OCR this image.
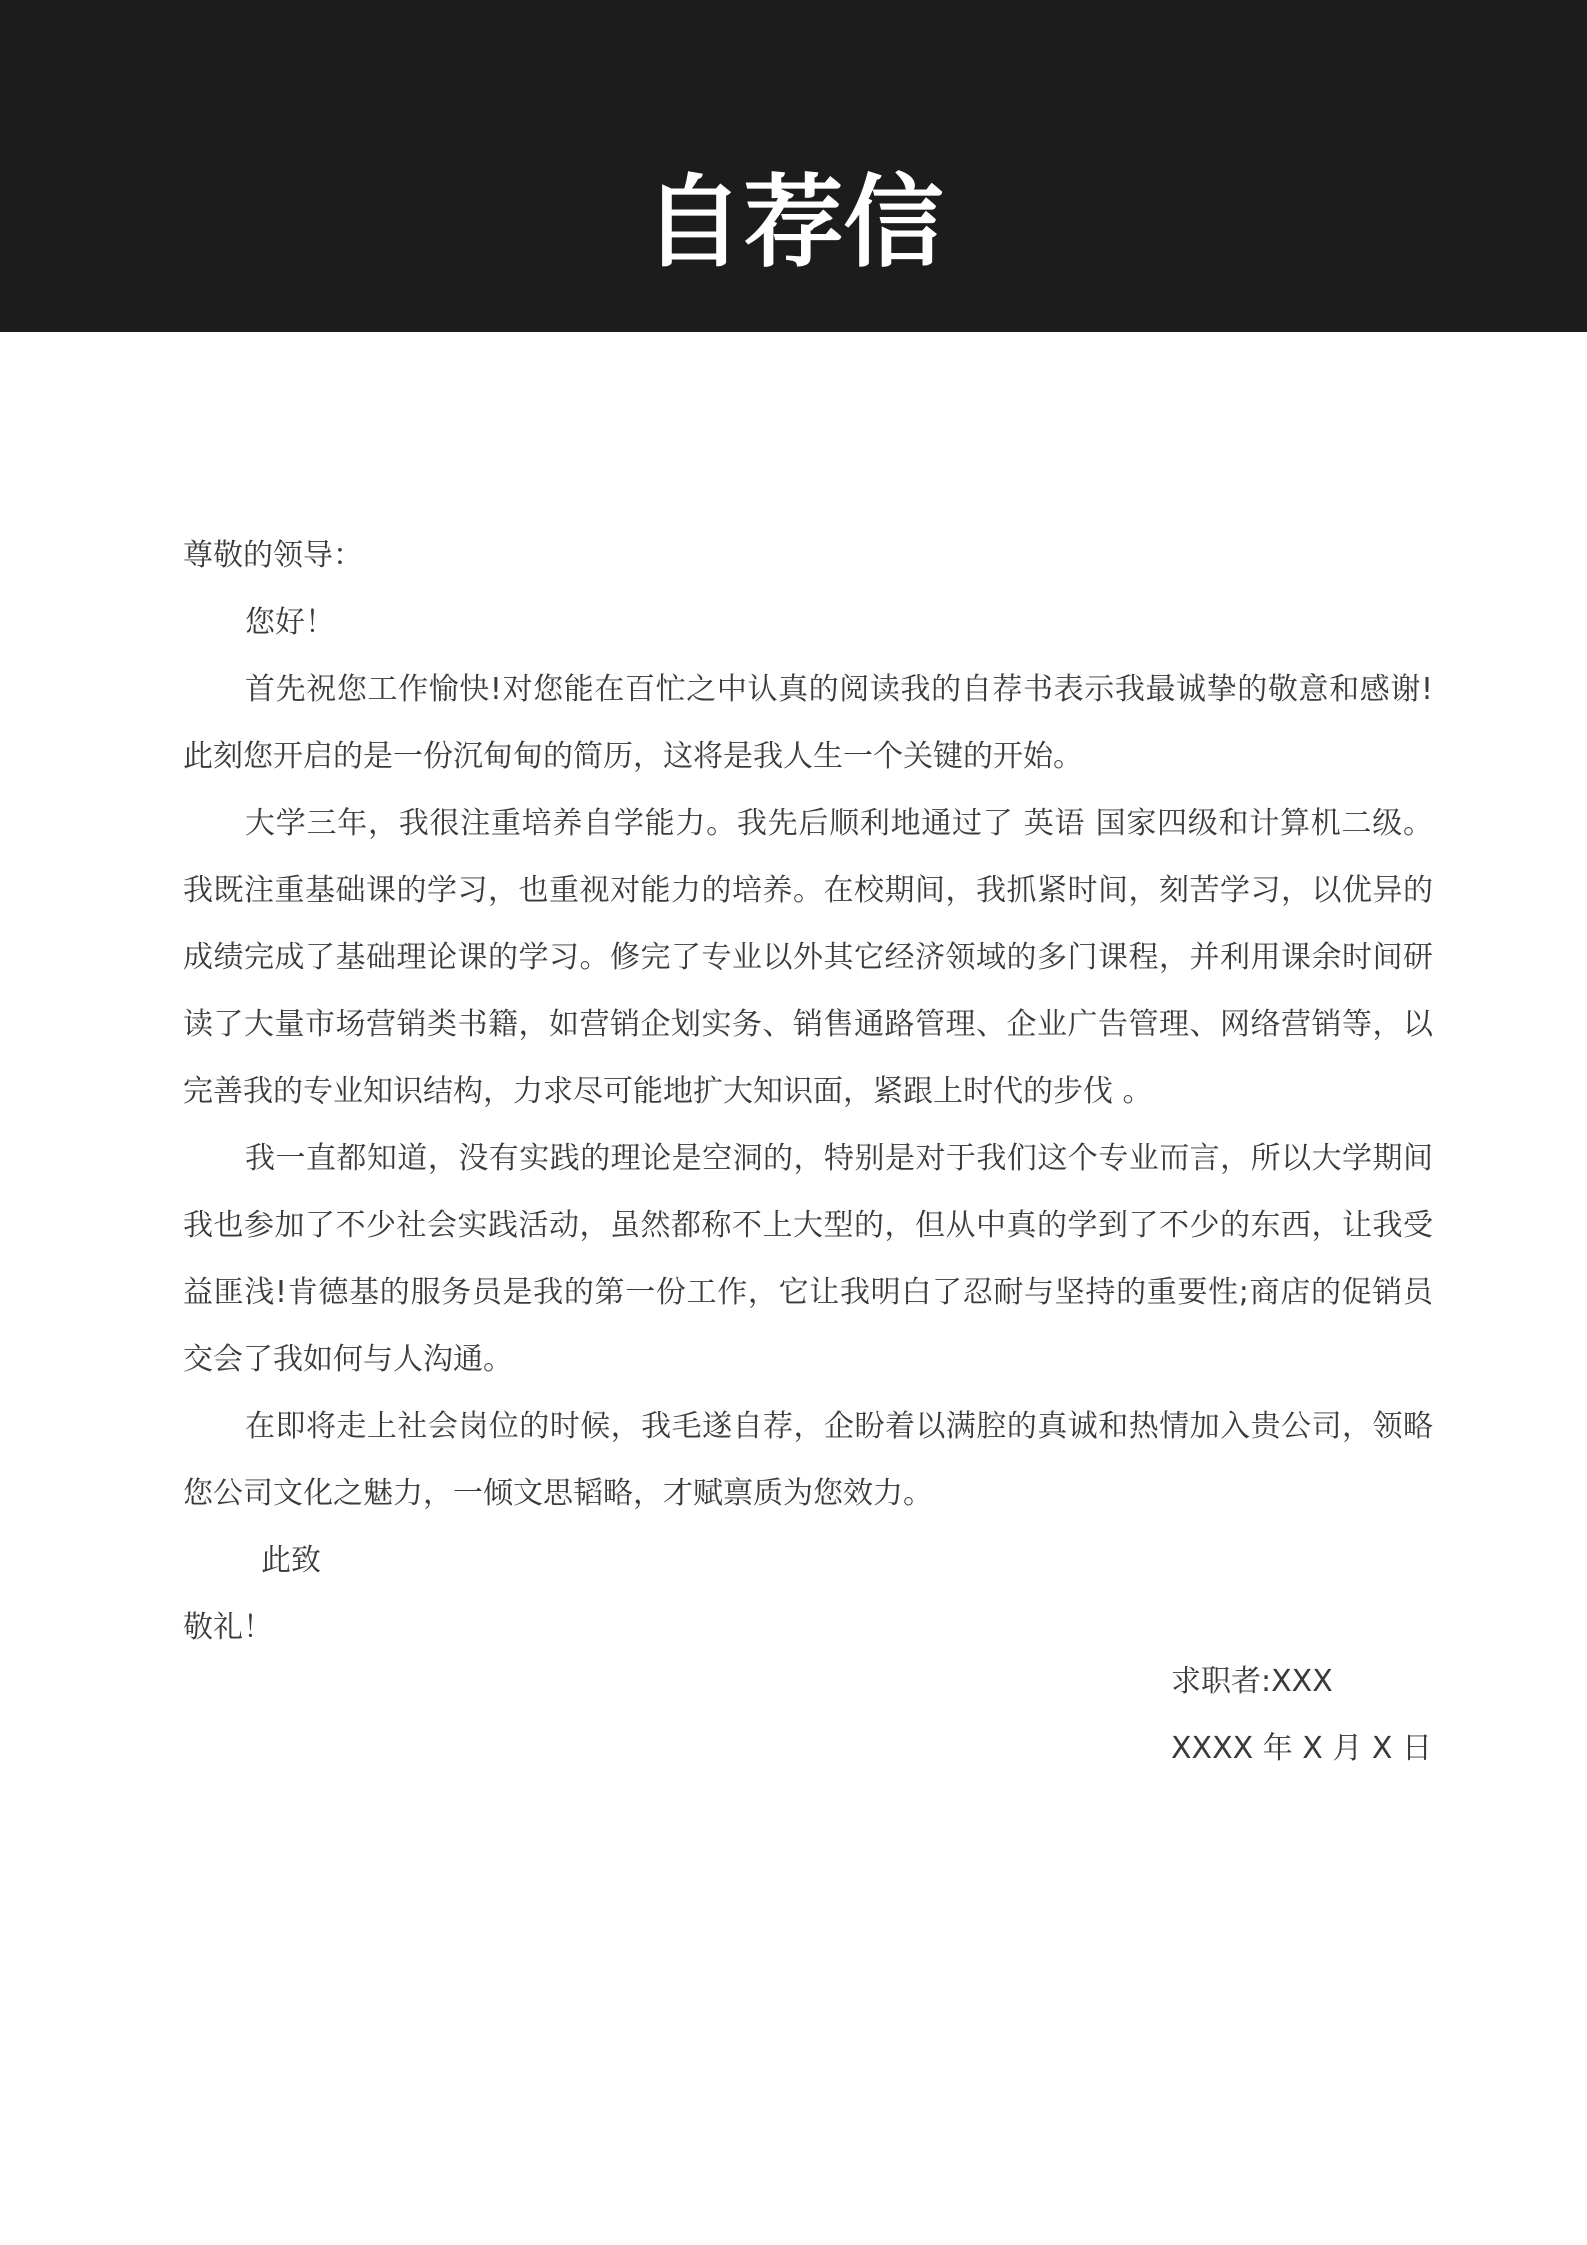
自荐信
尊敬的领导：
您好！
首先祝您工作愉快!对您能在百忙之中认真的阅读我的自荐书表示我最诚挚的敬意和感谢!此刻您开启的是一份沉甸甸的简历，这将是我人生一个关键的开始。
大学三年，我很注重培养自学能力。我先后顺利地通过了 英语 国家四级和计算机二级。我既注重基础课的学习，也重视对能力的培养。在校期间，我抓紧时间，刻苦学习，以优异的成绩完成了基础理论课的学习。修完了专业以外其它经济领域的多门课程，并利用课余时间研读了大量市场营销类书籍，如营销企划实务、销售通路管理、企业广告管理、网络营销等，以完善我的专业知识结构，力求尽可能地扩大知识面，紧跟上时代的步伐 。
我一直都知道，没有实践的理论是空洞的，特别是对于我们这个专业而言，所以大学期间我也参加了不少社会实践活动，虽然都称不上大型的，但从中真的学到了不少的东西，让我受益匪浅!肯德基的服务员是我的第一份工作，它让我明白了忍耐与坚持的重要性;商店的促销员交会了我如何与人沟通。
在即将走上社会岗位的时候，我毛遂自荐，企盼着以满腔的真诚和热情加入贵公司，领略您公司文化之魅力，一倾文思韬略，才赋禀质为您效力。
此致
敬礼！
求职者:XXX
XXXX 年 X 月 X 日
